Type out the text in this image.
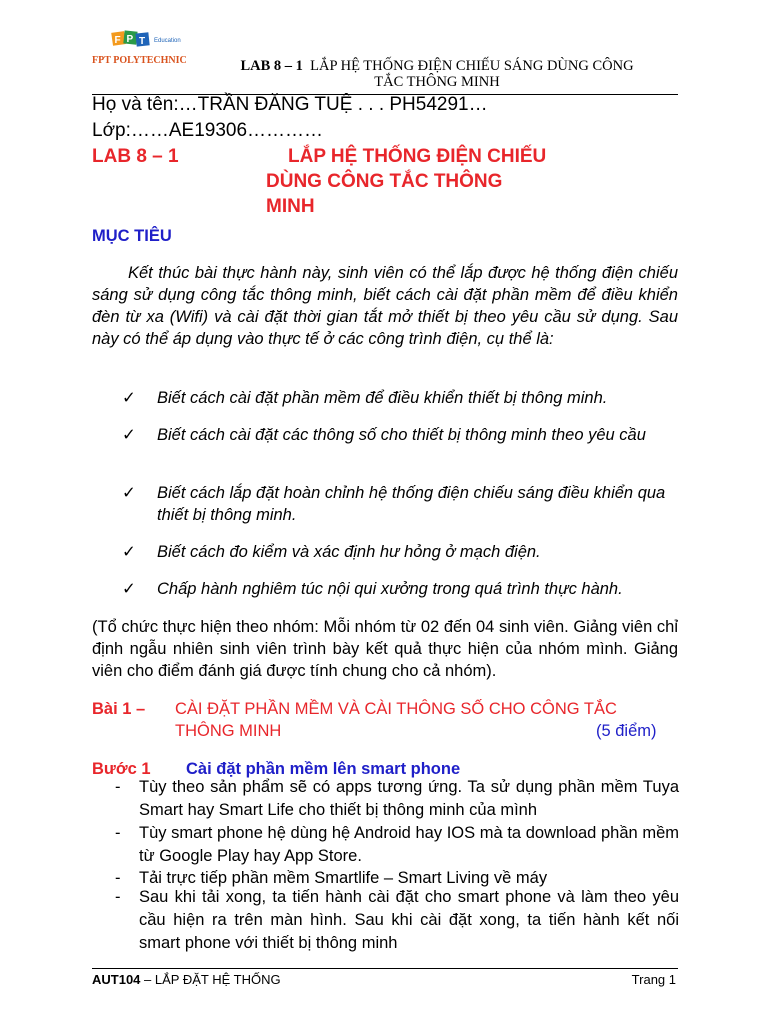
F P T Education
FPT POLYTECHNIC	LAB 8 – 1 LẮP HỆ THỐNG ĐIỆN CHIẾU SÁNG DÙNG CÔNG
TẮC THÔNG MINH
Họ và tên:…TRẦN ĐĂNG TUỆ . . . PH54291…
Lớp:……AE19306…………
LAB 8 – 1	LẮP HỆ THỐNG ĐIỆN CHIẾU
DÙNG CÔNG TẮC THÔNG
MINH
MỤC TIÊU
Kết thúc bài thực hành này, sinh viên có thể lắp được hệ thống điện chiếu sáng sử dụng công tắc thông minh, biết cách cài đặt phần mềm để điều khiển đèn từ xa (Wifi) và cài đặt thời gian tắt mở thiết bị theo yêu cầu sử dụng. Sau này có thể áp dụng vào thực tế ở các công trình điện, cụ thể là:
✓ Biết cách cài đặt phần mềm để điều khiển thiết bị thông minh.
✓ Biết cách cài đặt các thông số cho thiết bị thông minh theo yêu cầu
✓ Biết cách lắp đặt hoàn chỉnh hệ thống điện chiếu sáng điều khiển qua thiết bị thông minh.
✓ Biết cách đo kiểm và xác định hư hỏng ở mạch điện.
✓ Chấp hành nghiêm túc nội qui xưởng trong quá trình thực hành.
(Tổ chức thực hiện theo nhóm: Mỗi nhóm từ 02 đến 04 sinh viên. Giảng viên chỉ định ngẫu nhiên sinh viên trình bày kết quả thực hiện của nhóm mình. Giảng viên cho điểm đánh giá được tính chung cho cả nhóm).
Bài 1 – CÀI ĐẶT PHẦN MỀM VÀ CÀI THÔNG SỐ CHO CÔNG TẮC
THÔNG MINH	(5 điểm)
Bước 1 Cài đặt phần mềm lên smart phone
- Tùy theo sản phẩm sẽ có apps tương ứng. Ta sử dụng phần mềm Tuya Smart hay Smart Life cho thiết bị thông minh của mình
- Tùy smart phone hệ dùng hệ Android hay IOS mà ta download phần mềm từ Google Play hay App Store.
- Tải trực tiếp phần mềm Smartlife – Smart Living về máy
- Sau khi tải xong, ta tiến hành cài đặt cho smart phone và làm theo yêu cầu hiện ra trên màn hình. Sau khi cài đặt xong, ta tiến hành kết nối smart phone với thiết bị thông minh
AUT104 – LẮP ĐẶT HỆ THỐNG	Trang 1
